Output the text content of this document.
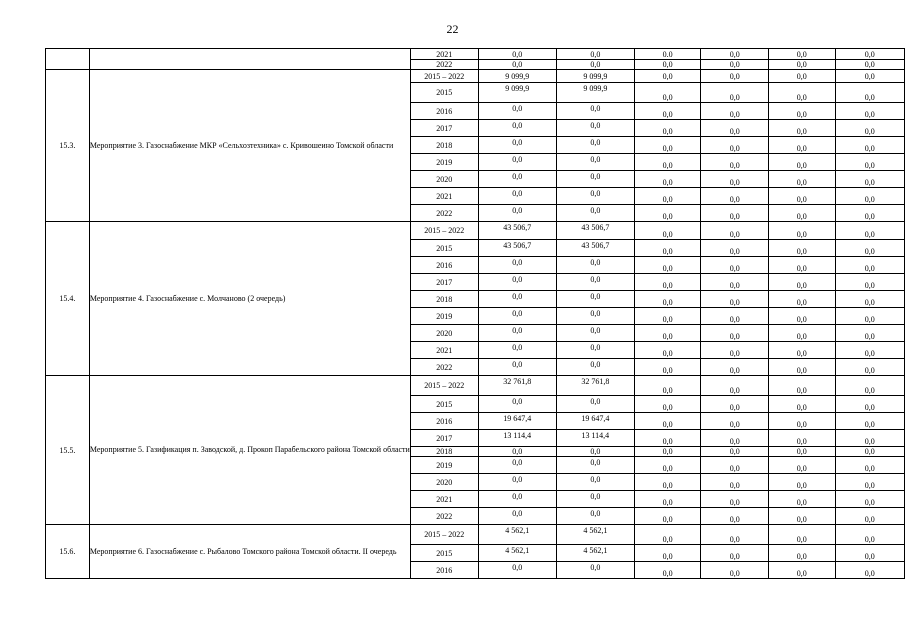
22
		2021	0,0	0,0	0.0	0,0	0,0	0,0
		2022	0,0	0,0	0,0	0,0	0,0	0,0
15.3.	Мероприятие 3. Газоснабжение МКР «Сельхозтехника» с. Кривошеино Томской области	2015 – 2022	9 099,9	9 099,9	0,0	0,0	0,0	0,0
		2015	9 099,9	9 099,9	0,0	0,0	0,0	0,0
		2016	0,0	0,0	0,0	0,0	0,0	0,0
		2017	0,0	0,0	0,0	0,0	0,0	0,0
		2018	0,0	0,0	0,0	0,0	0,0	0,0
		2019	0,0	0,0	0,0	0,0	0,0	0,0
		2020	0,0	0,0	0,0	0,0	0,0	0,0
		2021	0,0	0,0	0,0	0,0	0,0	0,0
		2022	0,0	0,0	0,0	0,0	0,0	0,0
15.4.	Мероприятие 4. Газоснабжение с. Молчаново (2 очередь)	2015 – 2022	43 506,7	43 506,7	0,0	0,0	0,0	0,0
		2015	43 506,7	43 506,7	0,0	0,0	0,0	0,0
		2016	0,0	0,0	0,0	0,0	0,0	0,0
		2017	0,0	0,0	0,0	0,0	0,0	0,0
		2018	0,0	0,0	0,0	0,0	0,0	0,0
		2019	0,0	0,0	0,0	0,0	0,0	0,0
		2020	0,0	0,0	0,0	0,0	0,0	0,0
		2021	0,0	0,0	0,0	0,0	0,0	0,0
		2022	0,0	0,0	0,0	0,0	0,0	0,0
15.5.	Мероприятие 5. Газификация п. Заводской, д. Прокоп Парабельского района Томской области	2015 – 2022	32 761,8	32 761,8	0,0	0,0	0,0	0,0
		2015	0,0	0,0	0,0	0,0	0,0	0,0
		2016	19 647,4	19 647,4	0,0	0,0	0,0	0,0
		2017	13 114,4	13 114,4	0,0	0,0	0,0	0,0
		2018	0,0	0,0	0,0	0,0	0,0	0,0
		2019	0,0	0,0	0,0	0,0	0,0	0,0
		2020	0,0	0,0	0,0	0,0	0,0	0,0
		2021	0,0	0,0	0,0	0,0	0,0	0,0
		2022	0,0	0,0	0,0	0,0	0,0	0,0
15.6.	Мероприятие 6. Газоснабжение с. Рыбалово Томского района Томской области. II очередь	2015 – 2022	4 562,1	4 562,1	0,0	0,0	0,0	0,0
		2015	4 562,1	4 562,1	0,0	0,0	0,0	0,0
		2016	0,0	0,0	0,0	0,0	0,0	0,0
